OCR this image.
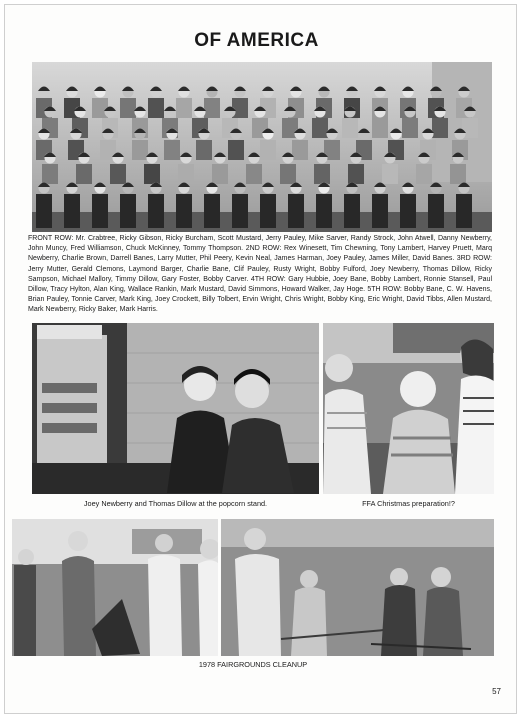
OF AMERICA
FRONT ROW: Mr. Crabtree, Ricky Gibson, Ricky Burcham, Scott Mustard, Jerry Pauley, Mike Sarver, Randy Strock, John Atwell, Danny Newberry, John Muncy, Fred Williamson, Chuck McKinney, Tommy Thompson. 2ND ROW: Rex Winesett, Tim Chewning, Tony Lambert, Harvey Pruett, Marq Newberry, Charlie Brown, Darrell Banes, Larry Mutter, Phil Peery, Kevin Neal, James Harman, Joey Pauley, James Miller, David Banes. 3RD ROW: Jerry Mutter, Gerald Clemons, Laymond Barger, Charlie Bane, Clif Pauley, Rusty Wright, Bobby Fulford, Joey Newberry, Thomas Dillow, Ricky Sampson, Michael Mallory, Timmy Dillow, Gary Foster, Bobby Carver. 4TH ROW: Gary Hubbie, Joey Bane, Bobby Lambert, Ronnie Stansell, Paul Dillow, Tracy Hylton, Alan King, Wallace Rankin, Mark Mustard, David Simmons, Howard Walker, Jay Hoge. 5TH ROW: Bobby Bane, C. W. Havens, Brian Pauley, Tonnie Carver, Mark King, Joey Crockett, Billy Tolbert, Ervin Wright, Chris Wright, Bobby King, Eric Wright, David Tibbs, Allen Mustard, Mark Newberry, Ricky Baker, Mark Harris.
Joey Newberry and Thomas Dillow at the popcorn stand.	FFA Christmas preparation!?
1978 FAIRGROUNDS CLEANUP
57
